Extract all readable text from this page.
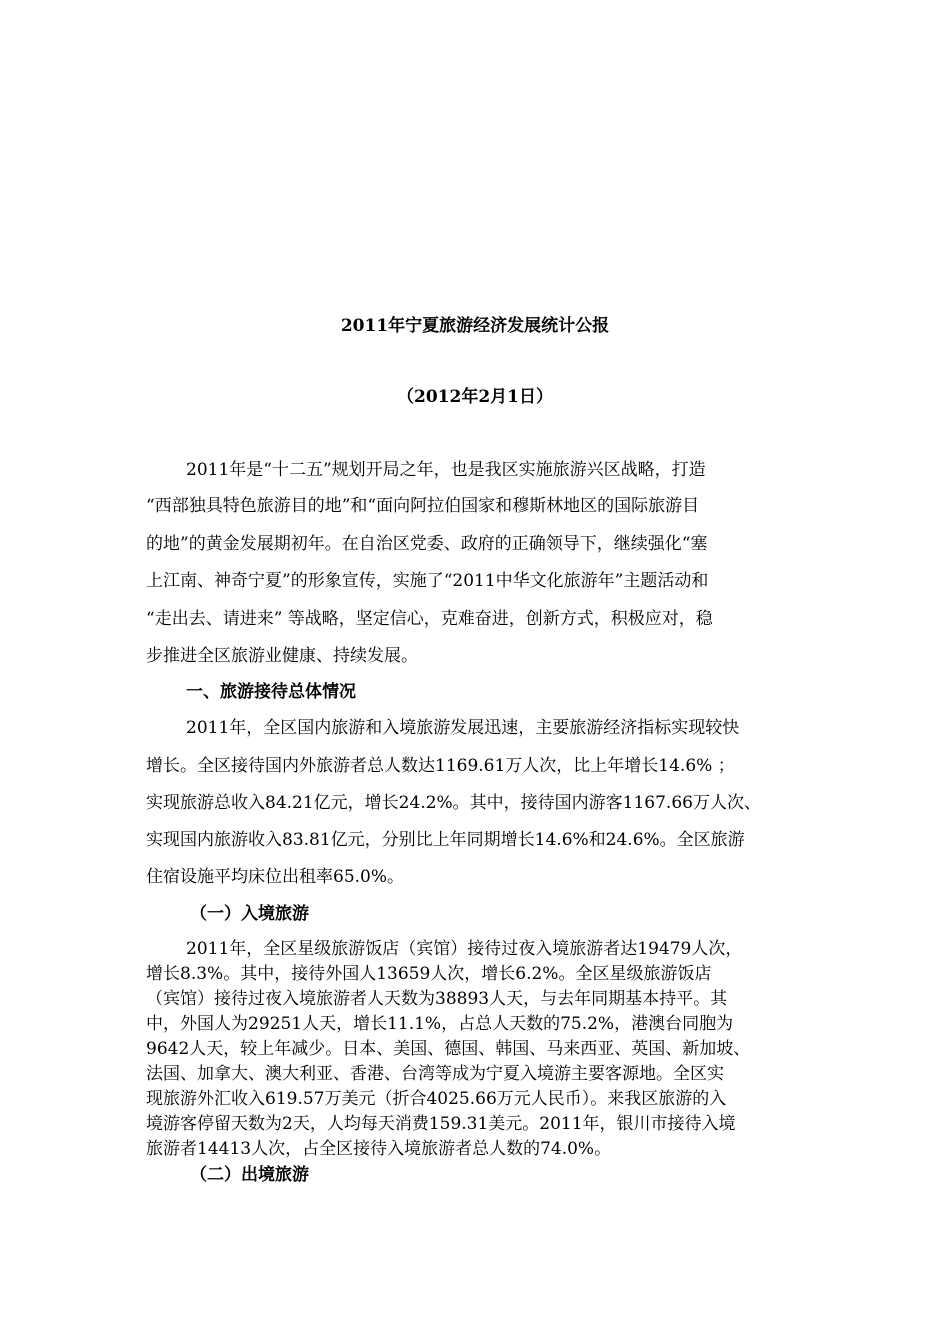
2011年宁夏旅游经济发展统计公报
（2012年2月1日）
2011年是“十二五”规划开局之年，也是我区实施旅游兴区战略，打造
“西部独具特色旅游目的地”和“面向阿拉伯国家和穆斯林地区的国际旅游目
的地”的黄金发展期初年。在自治区党委、政府的正确领导下，继续强化“塞
上江南、神奇宁夏”的形象宣传，实施了“2011中华文化旅游年”主题活动和
“走出去、请进来” 等战略，坚定信心，克难奋进，创新方式，积极应对，稳
步推进全区旅游业健康、持续发展。
一、旅游接待总体情况
2011年，全区国内旅游和入境旅游发展迅速，主要旅游经济指标实现较快
增长。全区接待国内外旅游者总人数达1169.61万人次，比上年增长14.6% ；
实现旅游总收入84.21亿元，增长24.2%。其中，接待国内游客1167.66万人次、
实现国内旅游收入83.81亿元，分别比上年同期增长14.6%和24.6%。全区旅游
住宿设施平均床位出租率65.0%。
（一）入境旅游
2011年，全区星级旅游饭店（宾馆）接待过夜入境旅游者达19479人次，
增长8.3%。其中，接待外国人13659人次，增长6.2%。全区星级旅游饭店
（宾馆）接待过夜入境旅游者人天数为38893人天，与去年同期基本持平。其
中，外国人为29251人天，增长11.1%，占总人天数的75.2%，港澳台同胞为
9642人天，较上年减少。日本、美国、德国、韩国、马来西亚、英国、新加坡、
法国、加拿大、澳大利亚、香港、台湾等成为宁夏入境游主要客源地。全区实
现旅游外汇收入619.57万美元（折合4025.66万元人民币）。来我区旅游的入
境游客停留天数为2天，人均每天消费159.31美元。2011年，银川市接待入境
旅游者14413人次，占全区接待入境旅游者总人数的74.0%。
（二）出境旅游
